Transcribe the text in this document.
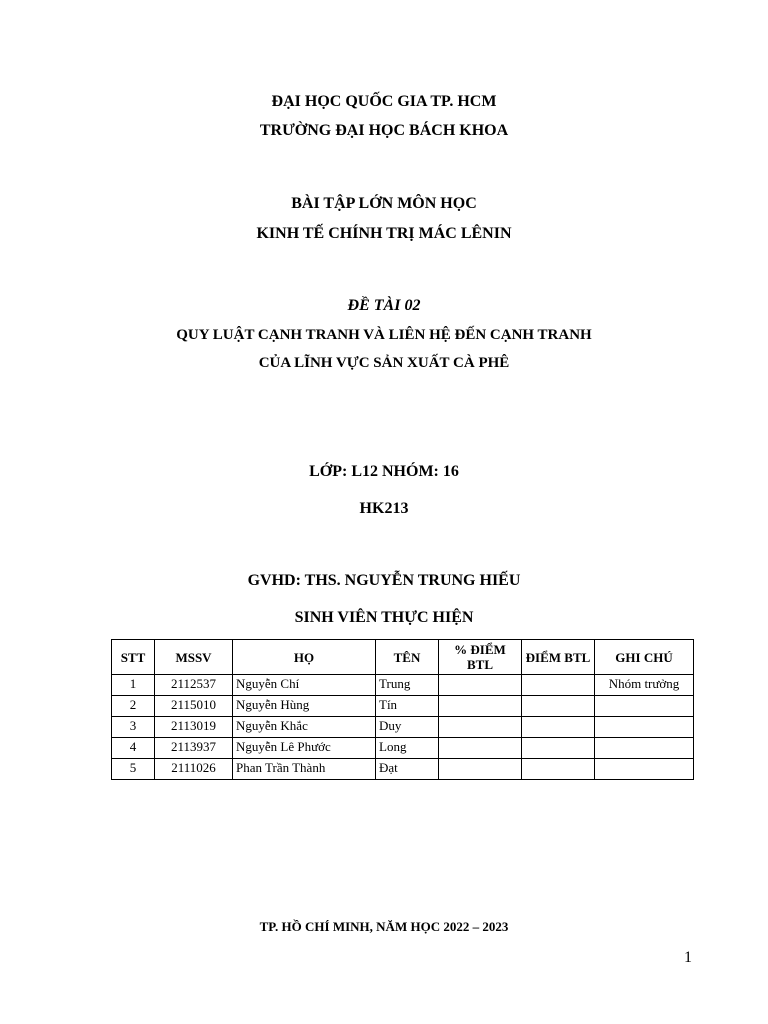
ĐẠI HỌC QUỐC GIA TP. HCM
TRƯỜNG ĐẠI HỌC BÁCH KHOA
BÀI TẬP LỚN MÔN HỌC
KINH TẾ CHÍNH TRỊ MÁC LÊNIN
ĐỀ TÀI 02
QUY LUẬT CẠNH TRANH VÀ LIÊN HỆ ĐẾN CẠNH TRANH
CỦA LĨNH VỰC SẢN XUẤT CÀ PHÊ
LỚP: L12 NHÓM: 16
HK213
GVHD: THS. NGUYỄN TRUNG HIẾU
SINH VIÊN THỰC HIỆN
STT	MSSV	HỌ	TÊN	% ĐIỂM BTL	ĐIỂM BTL	GHI CHÚ
1	2112537	Nguyễn Chí	Trung			Nhóm trưởng
2	2115010	Nguyễn Hùng	Tín			
3	2113019	Nguyễn Khắc	Duy			
4	2113937	Nguyễn Lê Phước	Long			
5	2111026	Phan Trần Thành	Đạt			
TP. HỒ CHÍ MINH, NĂM HỌC 2022 – 2023
1
